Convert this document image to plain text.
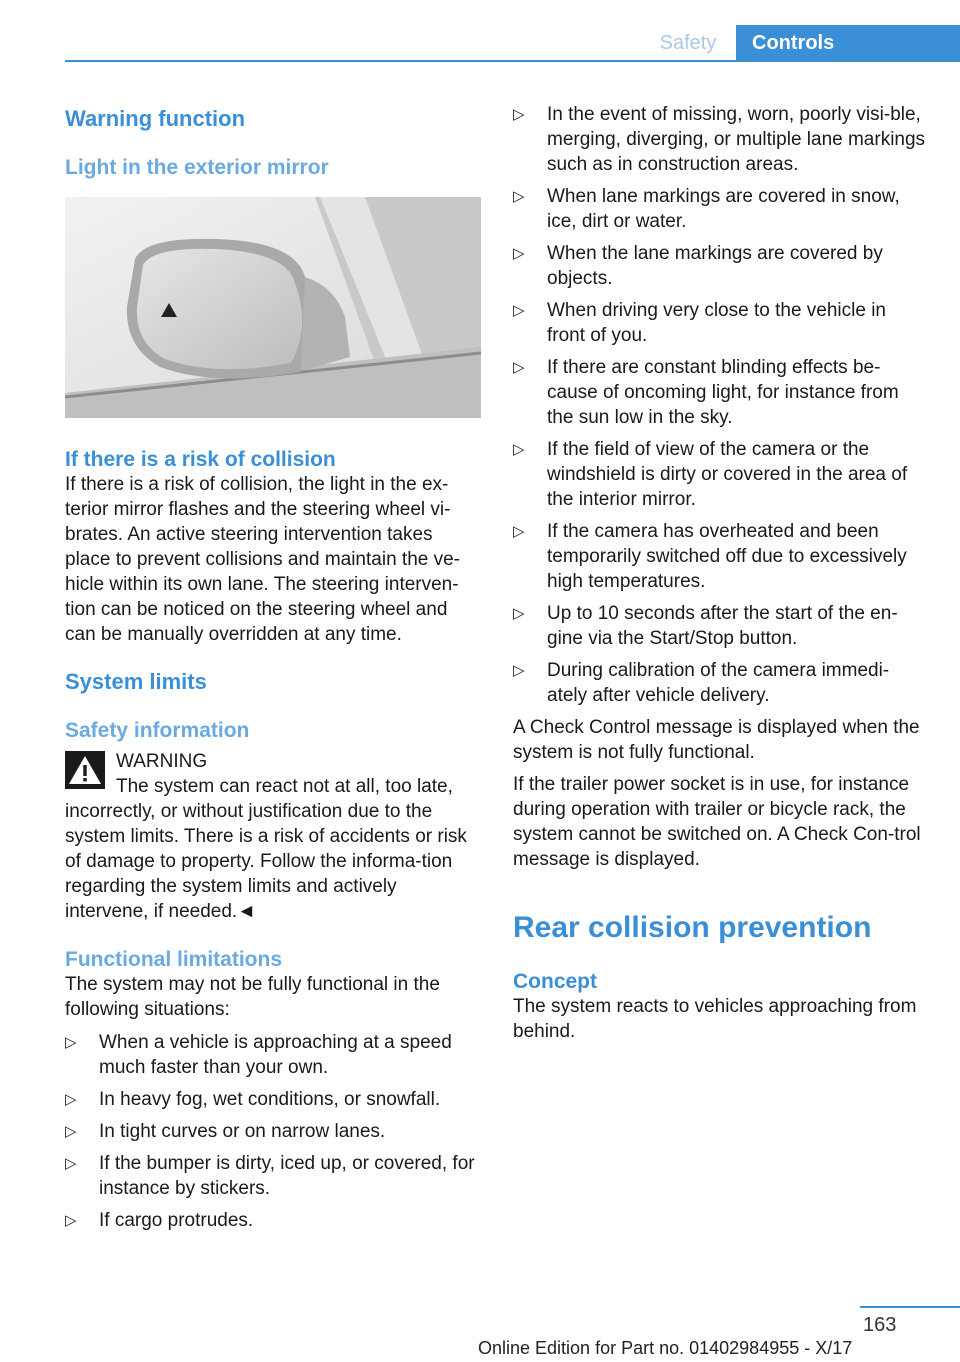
Safety	Controls
Warning function
Light in the exterior mirror
If there is a risk of collision

If there is a risk of collision, the light in the ex-terior mirror flashes and the steering wheel vi-brates. An active steering intervention takes place to prevent collisions and maintain the ve-hicle within its own lane. The steering interven-tion can be noticed on the steering wheel and can be manually overridden at any time.

System limits
Safety information

WARNING

The system can react not at all, too late, incorrectly, or without justification due to the system limits. There is a risk of accidents or risk of damage to property. Follow the informa-tion regarding the system limits and actively intervene, if needed.◄

Functional limitations

The system may not be fully functional in the following situations:

▷ When a vehicle is approaching at a speed much faster than your own.
▷ In heavy fog, wet conditions, or snowfall.
▷ In tight curves or on narrow lanes.
▷ If the bumper is dirty, iced up, or covered, for instance by stickers.
▷ If cargo protrudes.
▷ In the event of missing, worn, poorly visi-ble, merging, diverging, or multiple lane markings such as in construction areas.
▷ When lane markings are covered in snow, ice, dirt or water.
▷ When the lane markings are covered by objects.
▷ When driving very close to the vehicle in front of you.
▷ If there are constant blinding effects be-cause of oncoming light, for instance from the sun low in the sky.
▷ If the field of view of the camera or the windshield is dirty or covered in the area of the interior mirror.
▷ If the camera has overheated and been temporarily switched off due to excessively high temperatures.
▷ Up to 10 seconds after the start of the en-gine via the Start/Stop button.
▷ During calibration of the camera immedi-ately after vehicle delivery.

A Check Control message is displayed when the system is not fully functional.

If the trailer power socket is in use, for instance during operation with trailer or bicycle rack, the system cannot be switched on. A Check Con-trol message is displayed.

Rear collision prevention
Concept

The system reacts to vehicles approaching from behind.

163
Online Edition for Part no. 01402984955 - X/17
